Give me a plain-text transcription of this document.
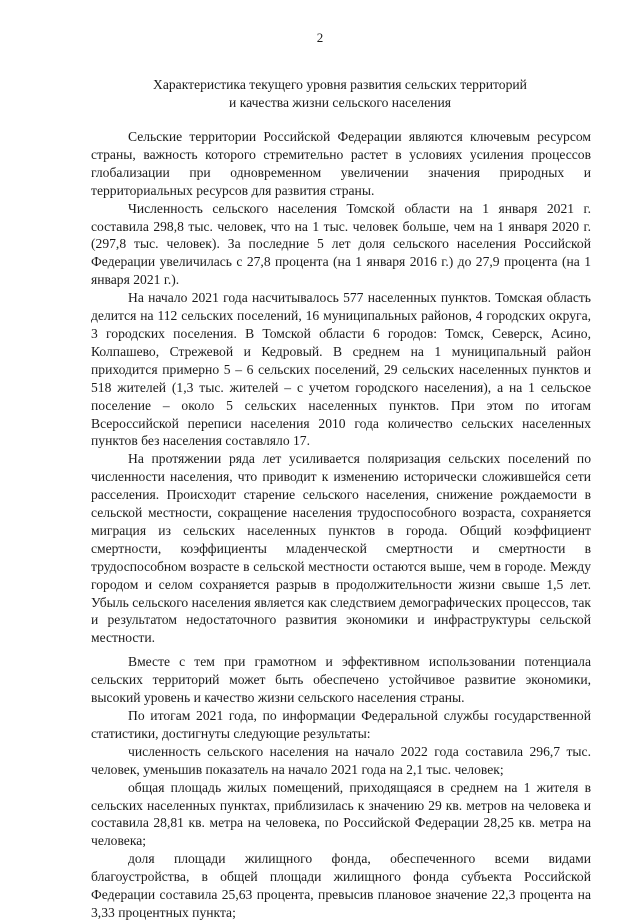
2
Характеристика текущего уровня развития сельских территорий
и качества жизни сельского населения

Сельские территории Российской Федерации являются ключевым ресурсом страны, важность которого стремительно растет в условиях усиления процессов глобализации при одновременном увеличении значения природных и территориальных ресурсов для развития страны.

Численность сельского населения Томской области на 1 января 2021 г. составила 298,8 тыс. человек, что на 1 тыс. человек больше, чем на 1 января 2020 г. (297,8 тыс. человек). За последние 5 лет доля сельского населения Российской Федерации увеличилась с 27,8 процента (на 1 января 2016 г.) до 27,9 процента (на 1 января 2021 г.).

На начало 2021 года насчитывалось 577 населенных пунктов. Томская область делится на 112 сельских поселений, 16 муниципальных районов, 4 городских округа, 3 городских поселения. В Томской области 6 городов: Томск, Северск, Асино, Колпашево, Стрежевой и Кедровый. В среднем на 1 муниципальный район приходится примерно 5 – 6 сельских поселений, 29 сельских населенных пунктов и 518 жителей (1,3 тыс. жителей – с учетом городского населения), а на 1 сельское поселение – около 5 сельских населенных пунктов. При этом по итогам Всероссийской переписи населения 2010 года количество сельских населенных пунктов без населения составляло 17.

На протяжении ряда лет усиливается поляризация сельских поселений по численности населения, что приводит к изменению исторически сложившейся сети расселения. Происходит старение сельского населения, снижение рождаемости в сельской местности, сокращение населения трудоспособного возраста, сохраняется миграция из сельских населенных пунктов в города. Общий коэффициент смертности, коэффициенты младенческой смертности и смертности в трудоспособном возрасте в сельской местности остаются выше, чем в городе. Между городом и селом сохраняется разрыв в продолжительности жизни свыше 1,5 лет. Убыль сельского населения является как следствием демографических процессов, так и результатом недостаточного развития экономики и инфраструктуры сельской местности.

Вместе с тем при грамотном и эффективном использовании потенциала сельских территорий может быть обеспечено устойчивое развитие экономики, высокий уровень и качество жизни сельского населения страны.

По итогам 2021 года, по информации Федеральной службы государственной статистики, достигнуты следующие результаты:

численность сельского населения на начало 2022 года составила 296,7 тыс. человек, уменьшив показатель на начало 2021 года на 2,1 тыс. человек;

общая площадь жилых помещений, приходящаяся в среднем на 1 жителя в сельских населенных пунктах, приблизилась к значению 29 кв. метров на человека и составила 28,81 кв. метра на человека, по Российской Федерации 28,25 кв. метра на человека;

доля площади жилищного фонда, обеспеченного всеми видами благоустройства, в общей площади жилищного фонда субъекта Российской Федерации составила 25,63 процента, превысив плановое значение 22,3 процента на 3,33 процентных пункта;
